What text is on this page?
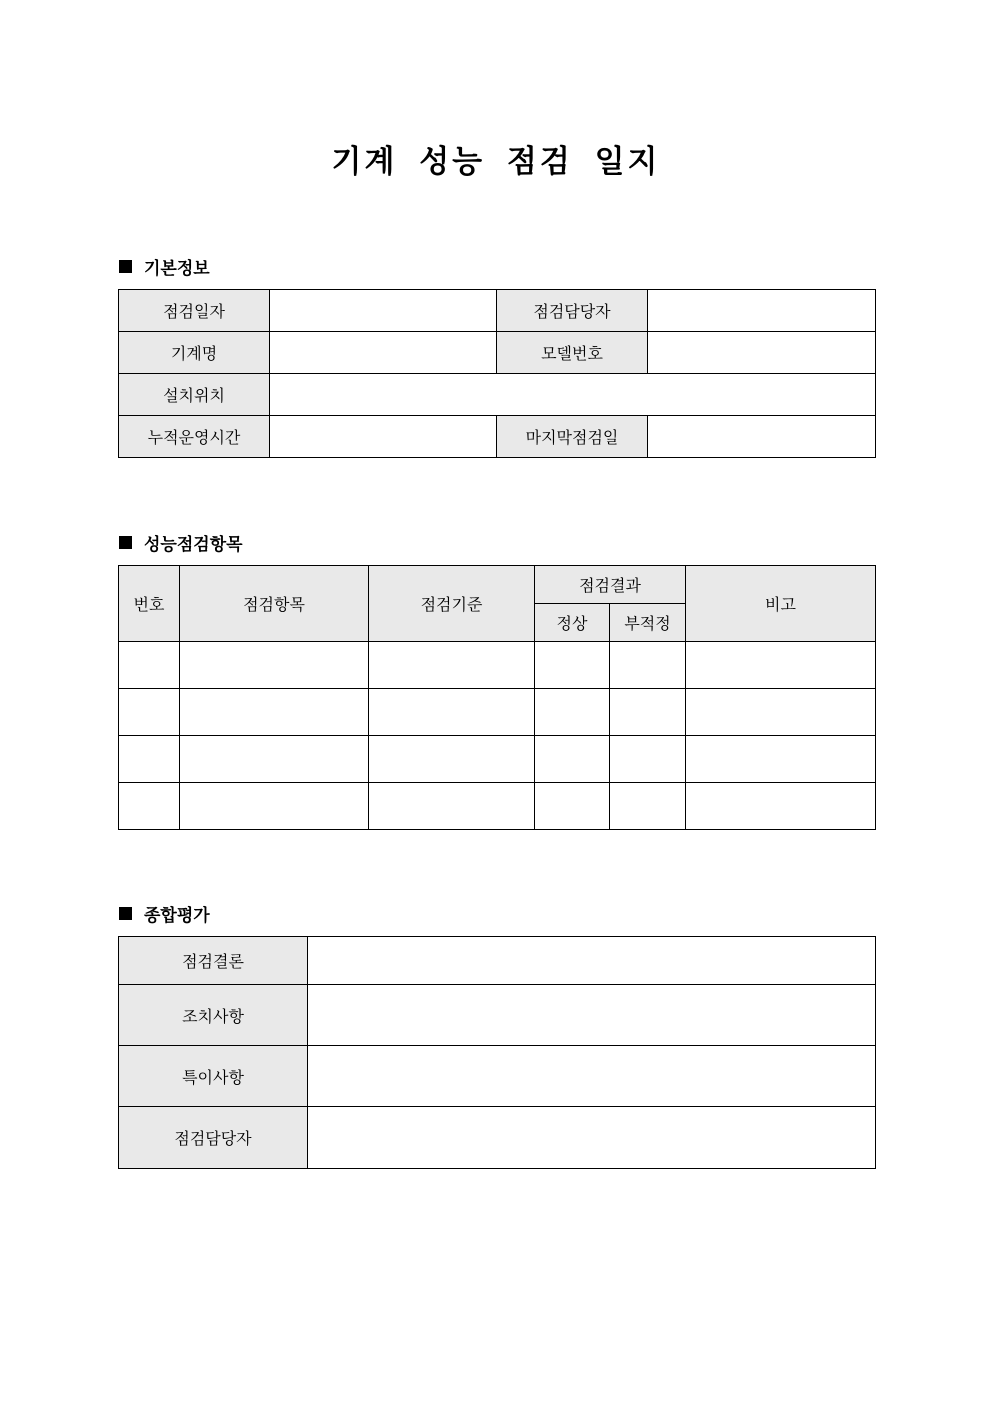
기계 성능 점검 일지
기본정보
점검일자		점검담당자	
기계명		모델번호	
설치위치			
누적운영시간		마지막점검일	
성능점검항목
번호	점검항목	점검기준	점검결과		비고
			정상	부적정	

종합평가
점검결론	
조치사항	
특이사항	
점검담당자	
